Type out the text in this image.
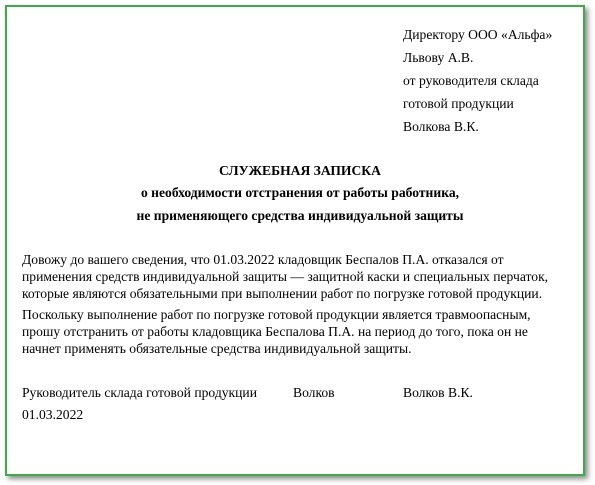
Директору ООО «Альфа»
Львову А.В.
от руководителя склада
готовой продукции
Волкова В.К.
СЛУЖЕБНАЯ ЗАПИСКА
о необходимости отстранения от работы работника,
не применяющего средства индивидуальной защиты
Довожу до вашего сведения, что 01.03.2022 кладовщик Беспалов П.А. отказался от
применения средств индивидуальной защиты — защитной каски и специальных перчаток,
которые являются обязательными при выполнении работ по погрузке готовой продукции.
Поскольку выполнение работ по погрузке готовой продукции является травмоопасным,
прошу отстранить от работы кладовщика Беспалова П.А. на период до того, пока он не
начнет применять обязательные средства индивидуальной защиты.
Руководитель склада готовой продукции	Волков	Волков В.К.
01.03.2022
